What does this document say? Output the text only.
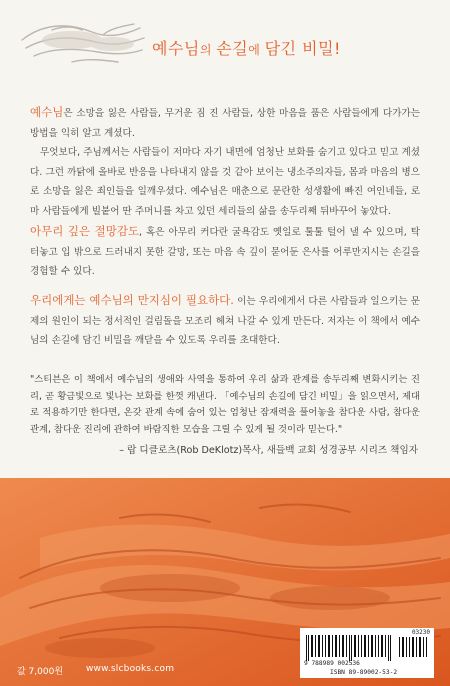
예수님의 손길에 담긴 비밀!

예수님은 소망을 잃은 사람들, 무거운 짐 진 사람들, 상한 마음을 품은 사람들에게 다가가는 방법을 익히 알고 계셨다.

무엇보다, 주님께서는 사람들이 저마다 자기 내면에 엄청난 보화를 숨기고 있다고 믿고 계셨다. 그런 까닭에 올바로 반응을 나타내지 않을 것 같아 보이는 냉소주의자들, 몸과 마음의 병으로 소망을 잃은 죄인들을 일깨우셨다. 예수님은 매춘으로 문란한 성생활에 빠진 여인네들, 로마 사람들에게 빌붙어 딴 주머니를 차고 있던 세리들의 삶을 송두리째 뒤바꾸어 놓았다.

아무리 깊은 절망감도, 혹은 아무리 커다란 굴욕감도 옛일로 툴툴 털어 낼 수 있으며, 탁 터놓고 입 밖으로 드러내지 못한 갈망, 또는 마음 속 깊이 묻어둔 은사를 어루만지시는 손길을 경험할 수 있다.

우리에게는 예수님의 만지심이 필요하다. 이는 우리에게서 다른 사람들과 일으키는 문제의 원인이 되는 정서적인 걸림돌을 모조리 헤쳐 나갈 수 있게 만든다. 저자는 이 책에서 예수님의 손길에 담긴 비밀을 깨닫을 수 있도록 우리를 초대한다.

"스티븐은 이 책에서 예수님의 생애와 사역을 통하여 우리 삶과 관계를 송두리째 변화시키는 진리, 곧 황금빛으로 빛나는 보화를 한껏 캐낸다. 「예수님의 손길에 담긴 비밀」을 읽으면서, 제대로 적용하기만 한다면, 온갖 관계 속에 숨어 있는 엄청난 잠재력을 풀어놓을 참다운 사람, 참다운 관계, 참다운 진리에 관하여 바람직한 모습을 그릴 수 있게 될 것이라 믿는다."

– 랍 디클로츠(Rob DeKlotz)목사, 새들백 교회 성경공부 시리즈 책임자
값 7,000원	www.slcbooks.com
03230
9 788989 002536
ISBN 89-89002-53-2
